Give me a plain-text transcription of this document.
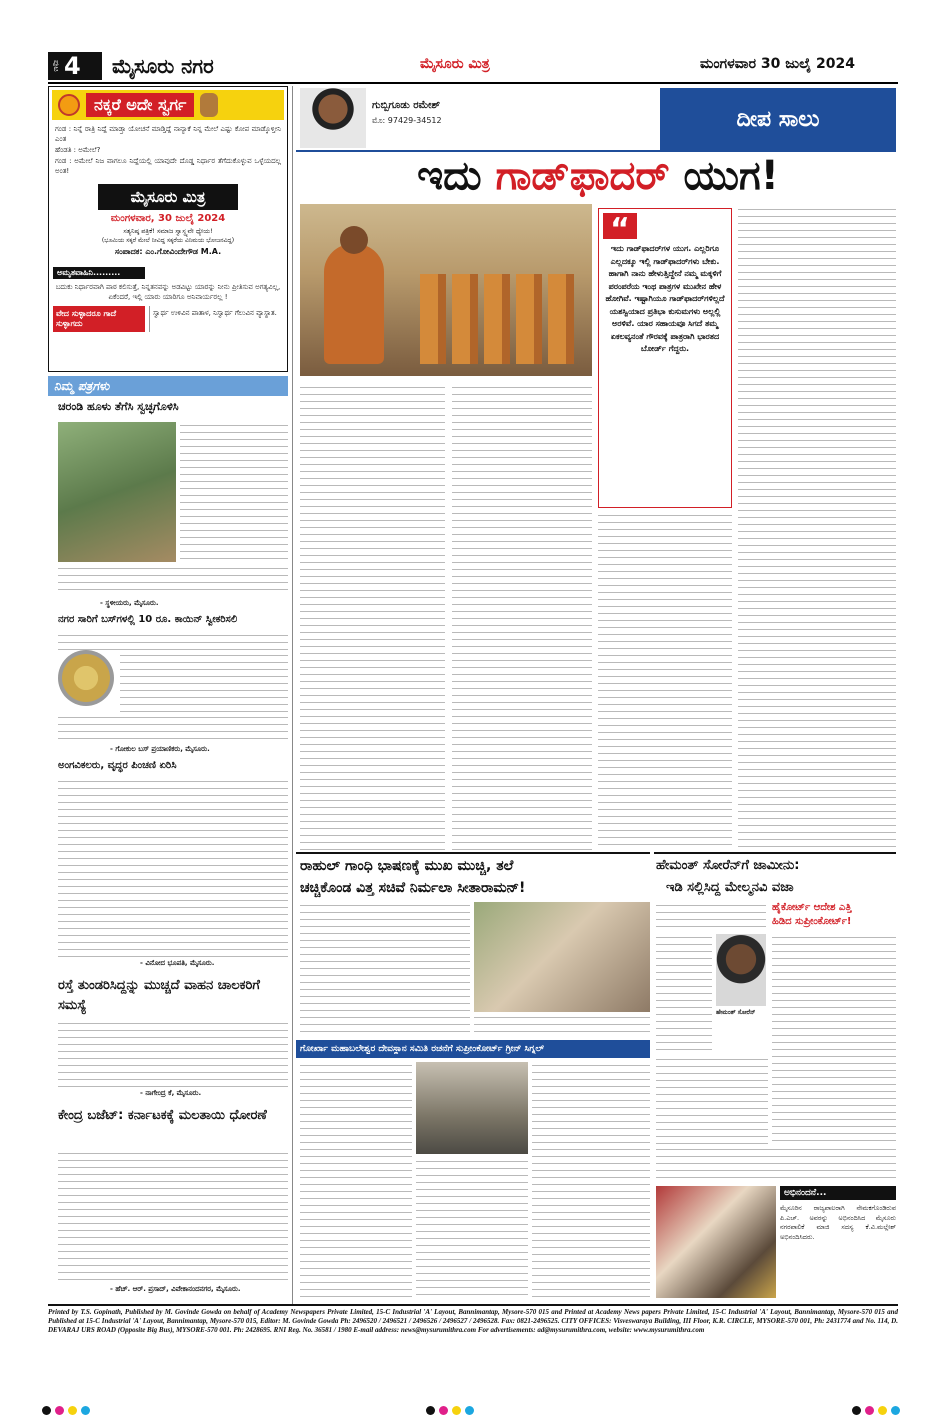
ಪುಟ 4 ಮೈಸೂರು ನಗರ	ಮೈಸೂರು ಮಿತ್ರ	ಮಂಗಳವಾರ 30 ಜುಲೈ 2024
ನಕ್ಕರೆ ಅದೇ ಸ್ವರ್ಗ
ಗಂಡ : ನಿನ್ನೆ ರಾತ್ರಿ ನಿದ್ದೆ ಮಾಡ್ತಾ ಯೋಚನೆ ಮಾಡ್ತಿದ್ದೆ ನಾನ್ಯಾಕೆ ನಿನ್ನ ಮೇಲೆ ಎಷ್ಟು ಕೋಪ ಮಾಡ್ಕೊಳ್ತೀನಿ ಎಂತ
ಹೆಂಡತಿ : ಅಮೇಲೆ?
ಗಂಡ : ಅಮೇಲೆ ನಿಜ ವಾಗಲೂ ನಿದ್ದೆಯಲ್ಲಿ ಯಾವುದೇ ದೊಡ್ಡ ನಿರ್ಧಾರ ತೆಗೆದುಕೊಳ್ಳುವ ಒಳ್ಳೆಯದಲ್ಲ ಅಂತ!
ಮೈಸೂರು ಮಿತ್ರ
ಮಂಗಳವಾರ, 30 ಜುಲೈ 2024
ಸತ್ಯನಿಷ್ಠ ಪತ್ರಿಕೆ! ಸಮಾಜ ಸ್ವಾಸ್ಥ್ಯವೇ ಧ್ಯೇಯ!
(ಭೂಮಿಯ ಸಕ್ಕರೆ ಮೇಲೆ ನೀವಿದ್ದ ಸಕ್ಕರೆಯ ವಿನಿಮಯ ಭೋಜನವಿದ್ದ)
ಸಂಪಾದಕ: ಎಂ.ಗೋವಿಂದೇಗೌಡ M.A.
ಅಮೃತವಾಹಿನಿ.........
ಬದುಕು ನಿರ್ಧಾರವಾಗಿ ಪಾಠ ಕಲಿಸುತ್ತೆ, ನಿನ್ನತನವನ್ನು ಅಡವಿಟ್ಟು ಯಾರನ್ನು ನೀನು ಪ್ರೀತಿಸುವ ಅಗತ್ಯವಿಲ್ಲ, ಏಕೆಂದರೆ, ಇಲ್ಲಿ ಯಾರು ಯಾರಿಗೂ ಅನಿವಾರ್ಯರಲ್ಲ !
ವೇದ ಸುಳ್ಳಾದರೂ ಗಾದೆ ಸುಳ್ಳಾಗದು
ಸ್ವಾರ್ಥ ಉಳಿವಿನ ಪಾತಾಳ, ನಿಸ್ವಾರ್ಥ ಗೆಲುವಿನ ವ್ಯಾಸ್ಥಾತ.
ನಿಮ್ಮ ಪತ್ರಗಳು
ಚರಂಡಿ ಹೂಳು ತೆಗೆಸಿ ಸ್ವಚ್ಛಗೊಳಿಸಿ
- ಸ್ಥಳೀಯರು, ಮೈಸೂರು.
ನಗರ ಸಾರಿಗೆ ಬಸ್‌ಗಳಲ್ಲಿ 10 ರೂ. ಕಾಯಿನ್ ಸ್ವೀಕರಿಸಲಿ
- ಗೋಕುಲ ಬಸ್ ಪ್ರಯಾಣಿಕರು, ಮೈಸೂರು.
ಅಂಗವಿಕಲರು, ವೃದ್ಧರ ಪಿಂಚಣಿ ಏರಿಸಿ
- ವಿನೋದ ಭೂಪತಿ, ಮೈಸೂರು.
ರಸ್ತೆ ತುಂಡರಿಸಿದ್ದನ್ನು ಮುಚ್ಚದೆ ವಾಹನ ಚಾಲಕರಿಗೆ ಸಮಸ್ಯೆ
- ನಾಗೇಂದ್ರ ಕೆ, ಮೈಸೂರು.
ಕೇಂದ್ರ ಬಜೆಟ್: ಕರ್ನಾಟಕಕ್ಕೆ ಮಲತಾಯಿ ಧೋರಣೆ
- ಹೆಚ್. ಆರ್. ಪ್ರಸಾದ್, ವಿವೇಕಾನಂದನಗರ, ಮೈಸೂರು.
ಗುಬ್ಬಿಗೂಡು ರಮೇಶ್
ಮೊ: 97429-34512	ದೀಪ ಸಾಲು
ಇದು ಗಾಡ್‌ಫಾದರ್ ಯುಗ!
“
ಇದು ಗಾಡ್‌ಫಾದರ್‌ಗಳ ಯುಗ. ಎಲ್ಲರಿಗೂ ಎಲ್ಲದಕ್ಕೂ ಇಲ್ಲಿ ಗಾಡ್‌ಫಾದರ್‌ಗಳು ಬೇಕು. ಹಾಗಾಗಿ ನಾನು ಹೇಳುತ್ತಿದ್ದೇನೆ ನಮ್ಮ ಮಕ್ಕಳಿಗೆ ಪರಂಪರೆಯ ಇಂಥ ಪಾತ್ರಗಳ ಮುಖೇನ ಹೇಳ ಹೋಗಿವೆ. ಇಷ್ಟಾಗಿಯೂ ಗಾಡ್‌ಫಾದರ್‌ಗಳಿಲ್ಲದೆ ಯಶಸ್ವಿಯಾದ ಪ್ರತಿಭಾ ಕುಸುಮಗಳು ಅಲ್ಲಲ್ಲಿ ಅರಳಿವೆ. ಯಾರ ಸಹಾಯವೂ ಸಿಗದೆ ತಮ್ಮ ಏಕಲವ್ಯನಂತೆ ಗೌರವಕ್ಕೆ ಪಾತ್ರರಾಗಿ ಭಾರತದ ಬೋರ್ಡ್ ಗೆದ್ದರು.
ರಾಹುಲ್ ಗಾಂಧಿ ಭಾಷಣಕ್ಕೆ ಮುಖ ಮುಚ್ಚಿ, ತಲೆ
ಚಚ್ಚಿಕೊಂಡ ವಿತ್ತ ಸಚಿವೆ ನಿರ್ಮಲಾ ಸೀತಾರಾಮನ್!
ಗೋರ್ಖಾ ಮಹಾಬಲೇಶ್ವರ ದೇವಸ್ಥಾನ ಸಮಿತಿ ರಚನೆಗೆ ಸುಪ್ರೀಂಕೋರ್ಟ್ ಗ್ರೀನ್ ಸಿಗ್ನಲ್
ಹೇಮಂತ್ ಸೋರೆನ್‌ಗೆ ಜಾಮೀನು:
ಇಡಿ ಸಲ್ಲಿಸಿದ್ದ ಮೇಲ್ಮನವಿ ವಜಾ
ಹೈಕೋರ್ಟ್ ಆದೇಶ ಎತ್ತಿ
ಹಿಡಿದ ಸುಪ್ರೀಂಕೋರ್ಟ್!
ಹೇಮಂತ್ ಸೋರೆನ್
ಅಭಿನಂದನೆ...
ಮೈಸೂರಿನ ರಾಜ್ಯಪಾಲರಾಗಿ ನೇಮಕಗೊಂಡಿರುವ ಪಿ.ಎಚ್. ಅವರನ್ನು ಅಭಿನಂದಿಸಿದ ಮೈಸೂರು ನಗರಪಾಲಿಕೆ ಮಾಜಿ ಸದಸ್ಯ ಕೆ.ವಿ.ಮಲ್ಲೇಶ್ ಅಭಿನಂದಿಸಿದರು.
Printed by T.S. Gopinath, Published by M. Govinde Gowda on behalf of Academy Newspapers Private Limited, 15-C Industrial 'A' Layout, Bannimantap, Mysore-570 015 and Printed at Academy News papers Private Limited, 15-C Industrial 'A' Layout, Bannimantap, Mysore-570 015 and Published at 15-C Industrial 'A' Layout, Bannimantap, Mysore-570 015, Editor: M. Govinde Gowda Ph: 2496520 / 2496521 / 2496526 / 2496527 / 2496528. Fax: 0821-2496525. CITY OFFICES: Visveswaraya Building, III Floor, K.R. CIRCLE, MYSORE-570 001, Ph: 2431774 and No. 114, D. DEVARAJ URS ROAD (Opposite Big Bus), MYSORE-570 001. Ph: 2428695. RNI Reg. No. 36581 / 1980 E-mail address: news@mysurumithra.com For advertisements: ad@mysurumithra.com, website: www.mysurumithra.com
